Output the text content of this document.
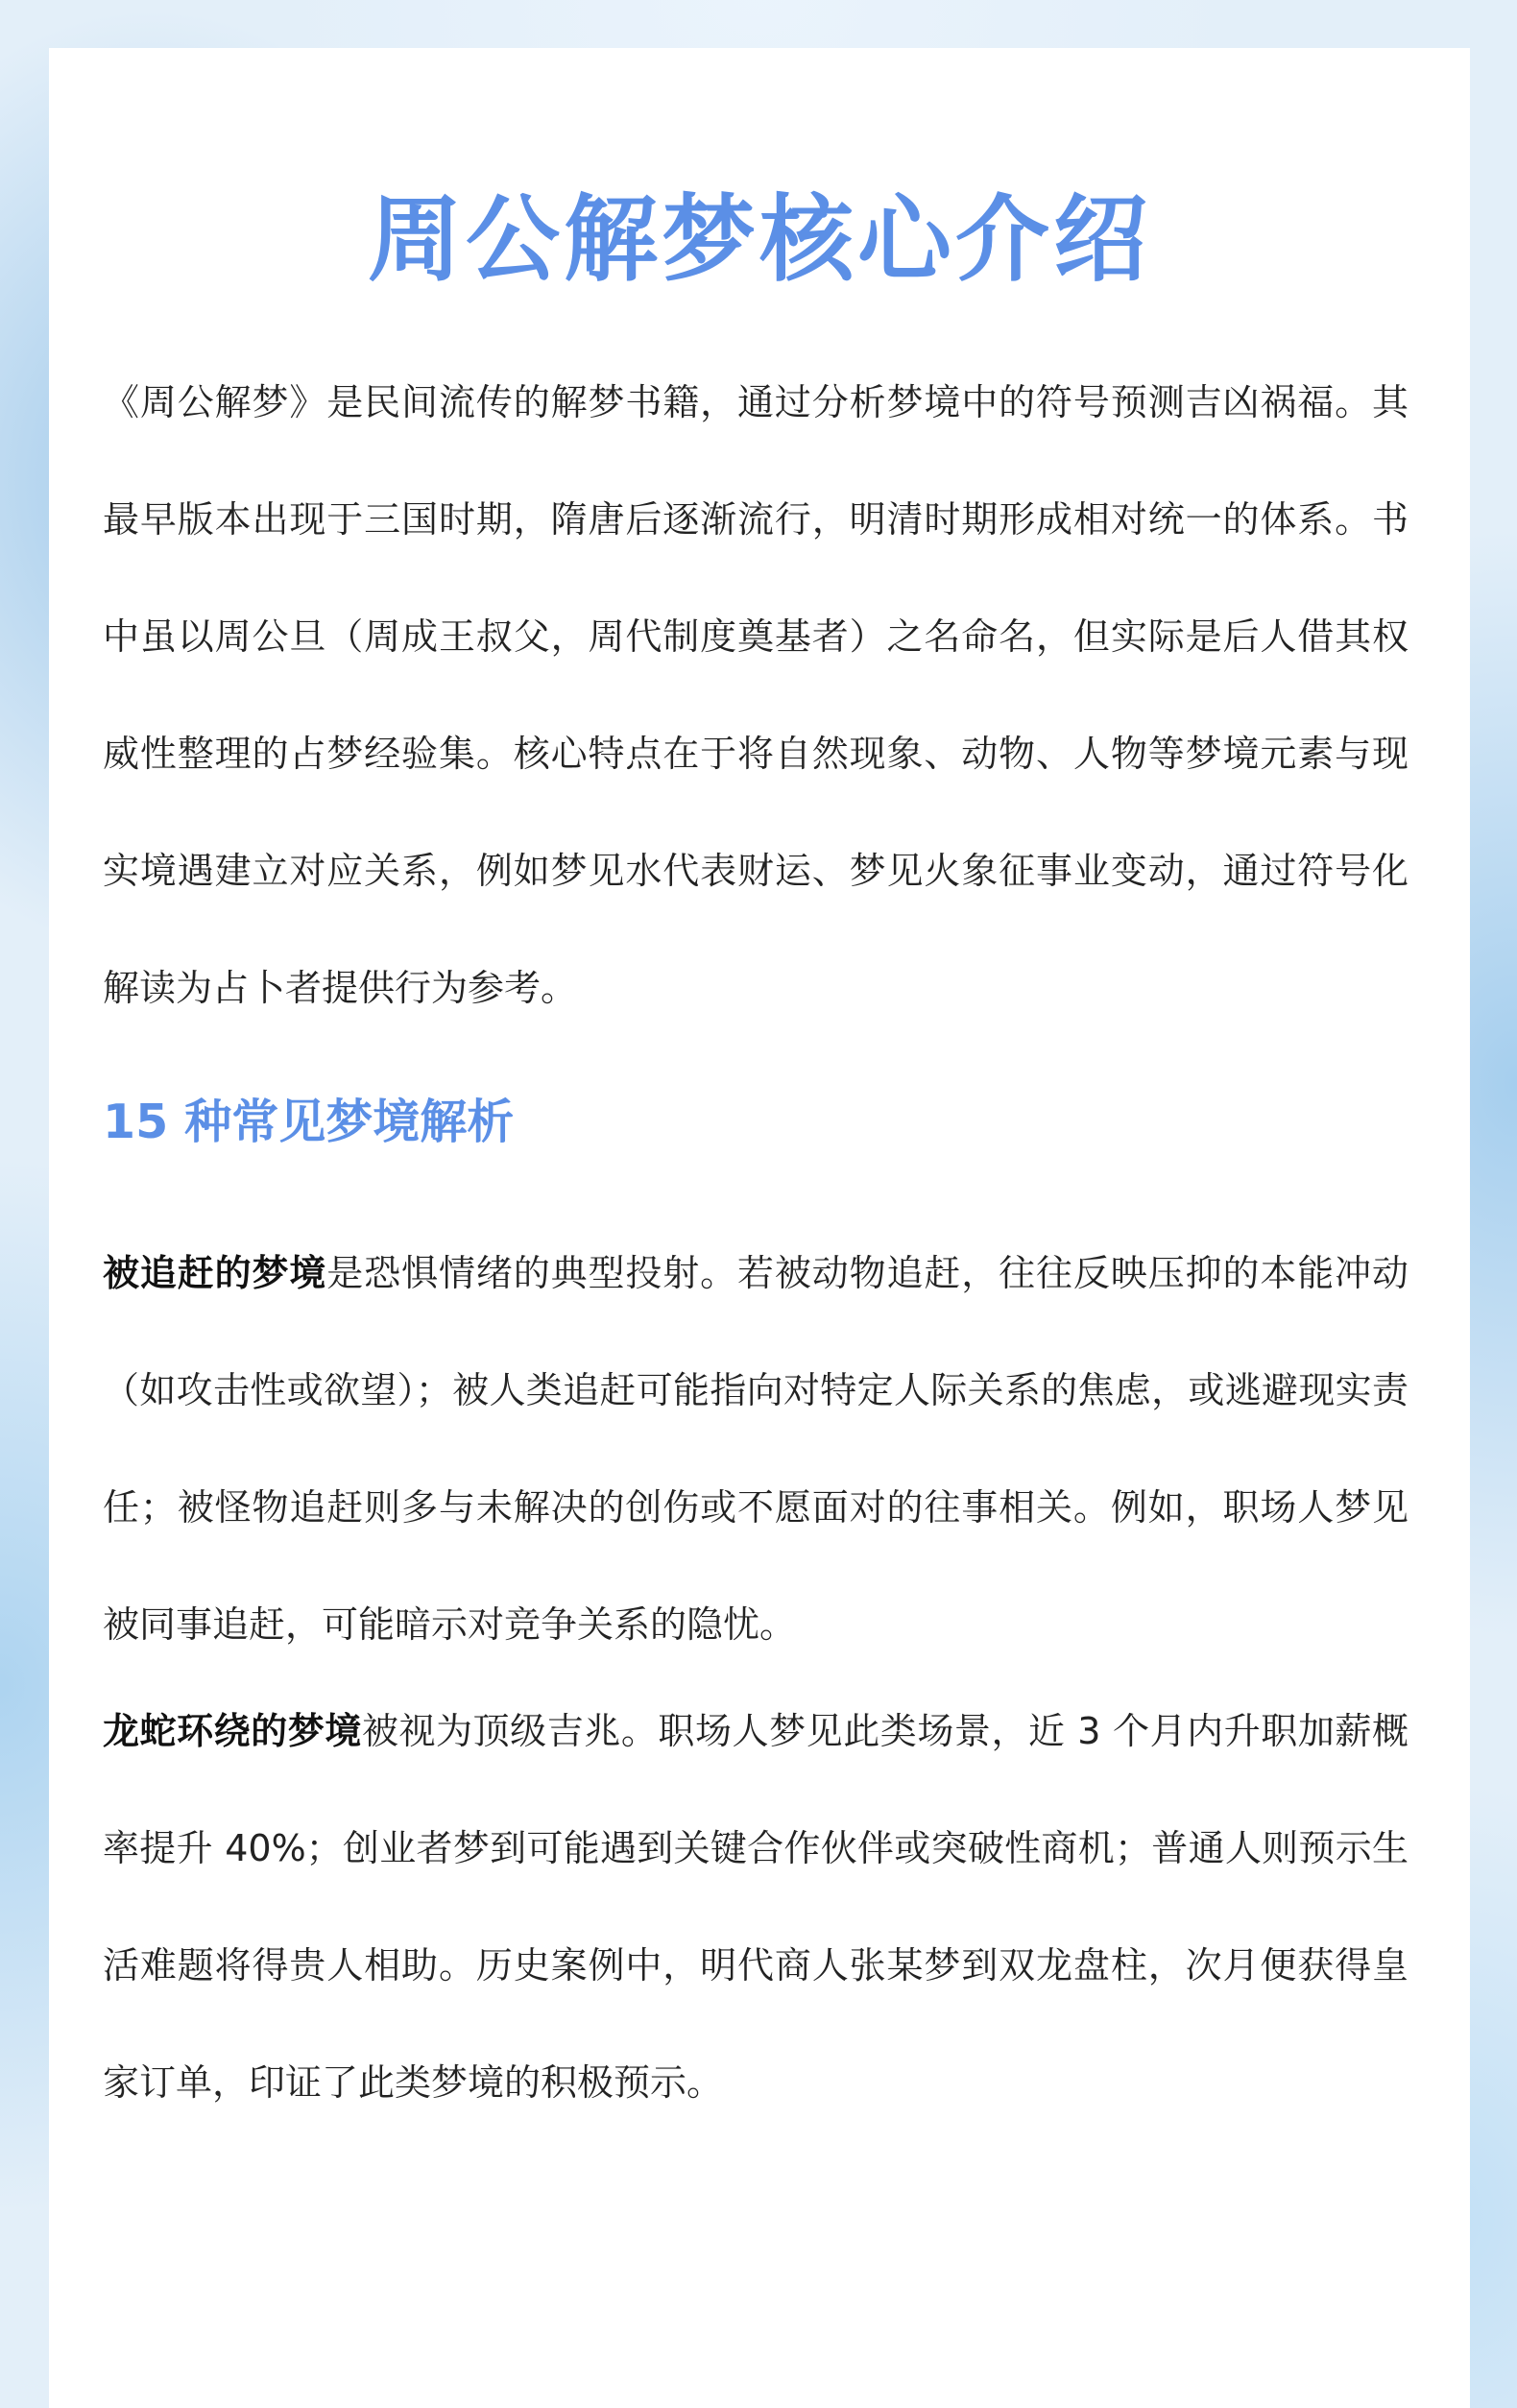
周公解梦核心介绍

《周公解梦》是民间流传的解梦书籍，通过分析梦境中的符号预测吉凶祸福。其最早版本出现于三国时期，隋唐后逐渐流行，明清时期形成相对统一的体系。书中虽以周公旦（周成王叔父，周代制度奠基者）之名命名，但实际是后人借其权威性整理的占梦经验集。核心特点在于将自然现象、动物、人物等梦境元素与现实境遇建立对应关系，例如梦见水代表财运、梦见火象征事业变动，通过符号化解读为占卜者提供行为参考。

15 种常见梦境解析

被追赶的梦境是恐惧情绪的典型投射。若被动物追赶，往往反映压抑的本能冲动（如攻击性或欲望）；被人类追赶可能指向对特定人际关系的焦虑，或逃避现实责任；被怪物追赶则多与未解决的创伤或不愿面对的往事相关。例如，职场人梦见被同事追赶，可能暗示对竞争关系的隐忧。

龙蛇环绕的梦境被视为顶级吉兆。职场人梦见此类场景，近 3 个月内升职加薪概率提升 40%；创业者梦到可能遇到关键合作伙伴或突破性商机；普通人则预示生活难题将得贵人相助。历史案例中，明代商人张某梦到双龙盘柱，次月便获得皇家订单，印证了此类梦境的积极预示。
